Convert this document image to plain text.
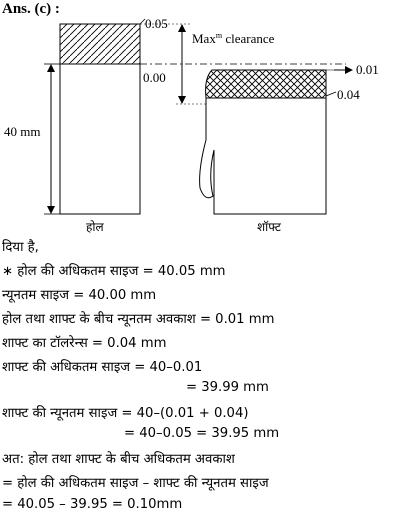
Ans. (c) :
0.05
0.00
Max$^m$ clearance
0.01
0.04
40 mm
होल	शॉफ्ट
दिया है,
∗ होल की अधिकतम साइज = 40.05 mm
न्यूनतम साइज = 40.00 mm
होल तथा शाफ्ट के बीच न्यूनतम अवकाश = 0.01 mm
शाफ्ट का टॉलरेन्स = 0.04 mm
शाफ्ट की अधिकतम साइज = 40–0.01
= 39.99 mm
शाफ्ट की न्यूनतम साइज = 40–(0.01 + 0.04)
= 40–0.05 = 39.95 mm
अत: होल तथा शाफ्ट के बीच अधिकतम अवकाश
= होल की अधिकतम साइज – शाफ्ट की न्यूनतम साइज
= 40.05 – 39.95 = 0.10mm
